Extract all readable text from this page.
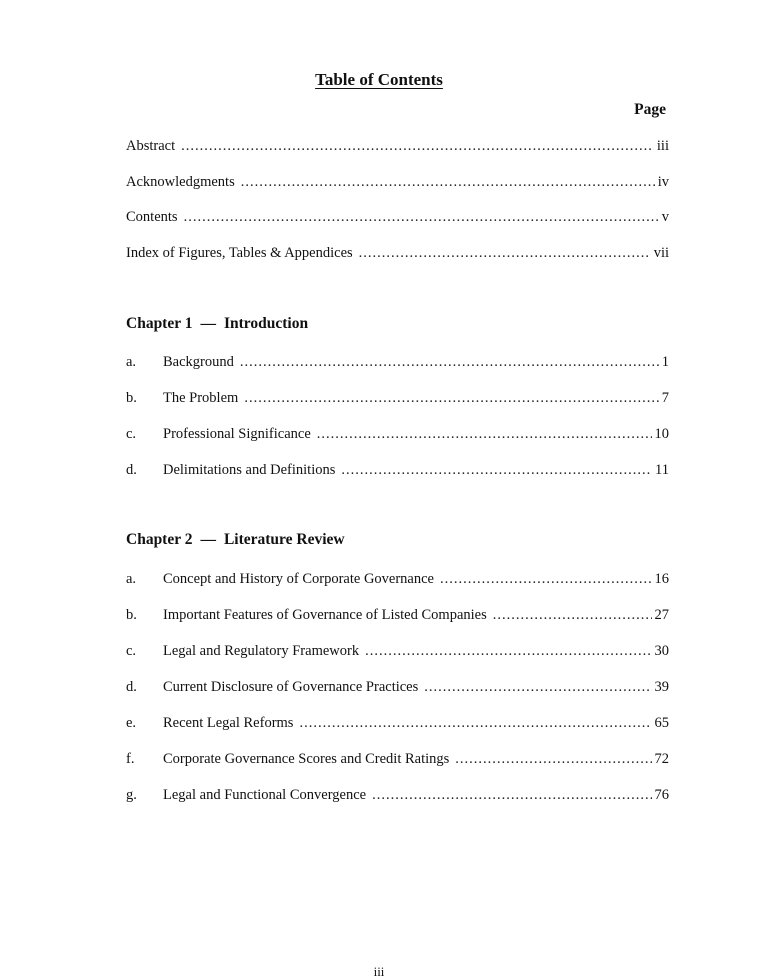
Table of Contents
Page
Abstract .....	iii
Acknowledgments .....	iv
Contents .....	v
Index of Figures, Tables & Appendices .....	vii
Chapter 1 — Introduction
a.	Background .....	1
b.	The Problem .....	7
c.	Professional Significance .....	10
d.	Delimitations and Definitions .....	11
Chapter 2 — Literature Review
a.	Concept and History of Corporate Governance .....	16
b.	Important Features of Governance of Listed Companies .....	27
c.	Legal and Regulatory Framework .....	30
d.	Current Disclosure of Governance Practices .....	39
e.	Recent Legal Reforms .....	65
f.	Corporate Governance Scores and Credit Ratings .....	72
g.	Legal and Functional Convergence .....	76
iii
